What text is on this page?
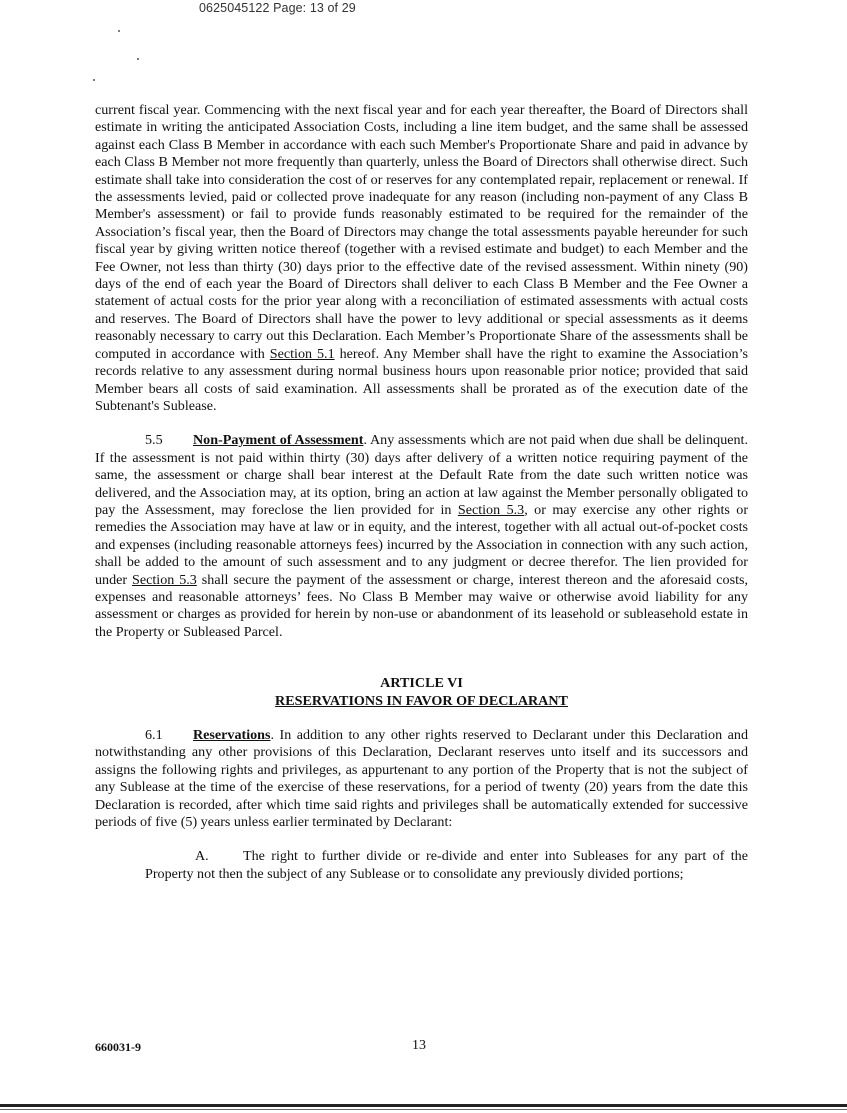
0625045122 Page: 13 of 29

current fiscal year. Commencing with the next fiscal year and for each year thereafter, the Board of Directors shall estimate in writing the anticipated Association Costs, including a line item budget, and the same shall be assessed against each Class B Member in accordance with each such Member's Proportionate Share and paid in advance by each Class B Member not more frequently than quarterly, unless the Board of Directors shall otherwise direct. Such estimate shall take into consideration the cost of or reserves for any contemplated repair, replacement or renewal. If the assessments levied, paid or collected prove inadequate for any reason (including non-payment of any Class B Member's assessment) or fail to provide funds reasonably estimated to be required for the remainder of the Association’s fiscal year, then the Board of Directors may change the total assessments payable hereunder for such fiscal year by giving written notice thereof (together with a revised estimate and budget) to each Member and the Fee Owner, not less than thirty (30) days prior to the effective date of the revised assessment. Within ninety (90) days of the end of each year the Board of Directors shall deliver to each Class B Member and the Fee Owner a statement of actual costs for the prior year along with a reconciliation of estimated assessments with actual costs and reserves. The Board of Directors shall have the power to levy additional or special assessments as it deems reasonably necessary to carry out this Declaration. Each Member’s Proportionate Share of the assessments shall be computed in accordance with Section 5.1 hereof. Any Member shall have the right to examine the Association’s records relative to any assessment during normal business hours upon reasonable prior notice; provided that said Member bears all costs of said examination. All assessments shall be prorated as of the execution date of the Subtenant's Sublease.

5.5 Non-Payment of Assessment. Any assessments which are not paid when due shall be delinquent. If the assessment is not paid within thirty (30) days after delivery of a written notice requiring payment of the same, the assessment or charge shall bear interest at the Default Rate from the date such written notice was delivered, and the Association may, at its option, bring an action at law against the Member personally obligated to pay the Assessment, may foreclose the lien provided for in Section 5.3, or may exercise any other rights or remedies the Association may have at law or in equity, and the interest, together with all actual out-of-pocket costs and expenses (including reasonable attorneys fees) incurred by the Association in connection with any such action, shall be added to the amount of such assessment and to any judgment or decree therefor. The lien provided for under Section 5.3 shall secure the payment of the assessment or charge, interest thereon and the aforesaid costs, expenses and reasonable attorneys’ fees. No Class B Member may waive or otherwise avoid liability for any assessment or charges as provided for herein by non-use or abandonment of its leasehold or subleasehold estate in the Property or Subleased Parcel.

ARTICLE VI

RESERVATIONS IN FAVOR OF DECLARANT

6.1 Reservations. In addition to any other rights reserved to Declarant under this Declaration and notwithstanding any other provisions of this Declaration, Declarant reserves unto itself and its successors and assigns the following rights and privileges, as appurtenant to any portion of the Property that is not the subject of any Sublease at the time of the exercise of these reservations, for a period of twenty (20) years from the date this Declaration is recorded, after which time said rights and privileges shall be automatically extended for successive periods of five (5) years unless earlier terminated by Declarant:

A. The right to further divide or re-divide and enter into Subleases for any part of the Property not then the subject of any Sublease or to consolidate any previously divided portions;

660031-9	13
